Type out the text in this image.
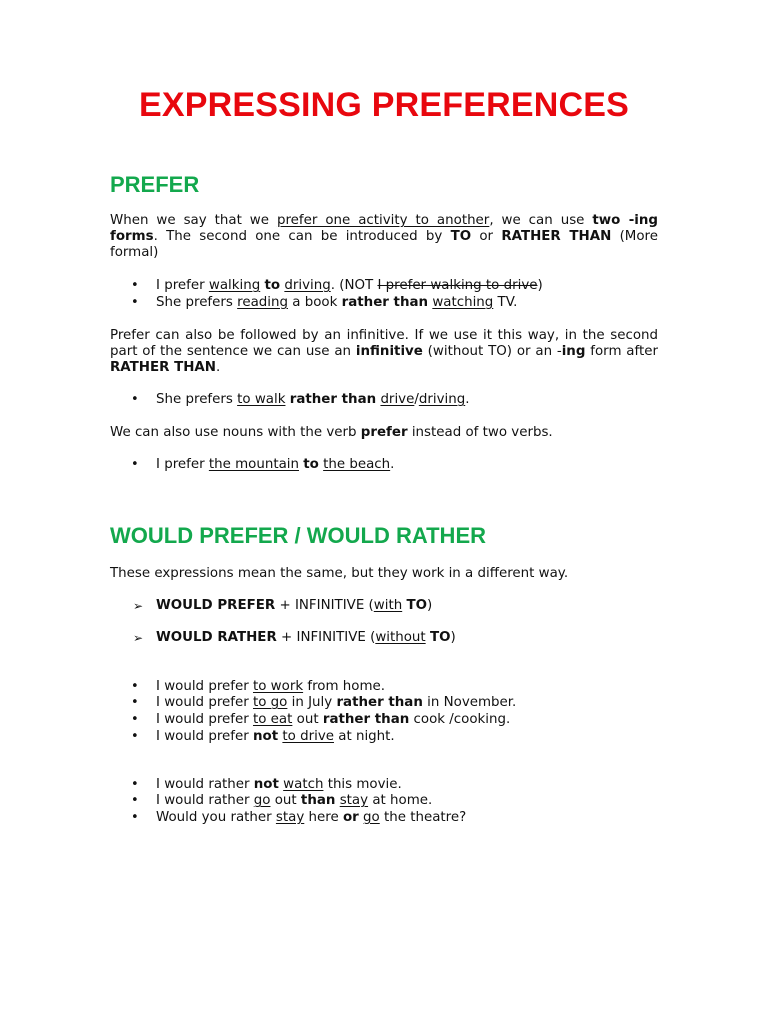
EXPRESSING PREFERENCES
PREFER
When we say that we prefer one activity to another, we can use two -ing forms. The second one can be introduced by TO or RATHER THAN (More formal)
• I prefer walking to driving. (NOT I prefer walking to drive)
• She prefers reading a book rather than watching TV.
Prefer can also be followed by an infinitive. If we use it this way, in the second part of the sentence we can use an infinitive (without TO) or an -ing form after RATHER THAN.
• She prefers to walk rather than drive/driving.
We can also use nouns with the verb prefer instead of two verbs.
• I prefer the mountain to the beach.
WOULD PREFER / WOULD RATHER
These expressions mean the same, but they work in a different way.
➢ WOULD PREFER + INFINITIVE (with TO)
➢ WOULD RATHER + INFINITIVE (without TO)
• I would prefer to work from home.
• I would prefer to go in July rather than in November.
• I would prefer to eat out rather than cook /cooking.
• I would prefer not to drive at night.
• I would rather not watch this movie.
• I would rather go out than stay at home.
• Would you rather stay here or go the theatre?
